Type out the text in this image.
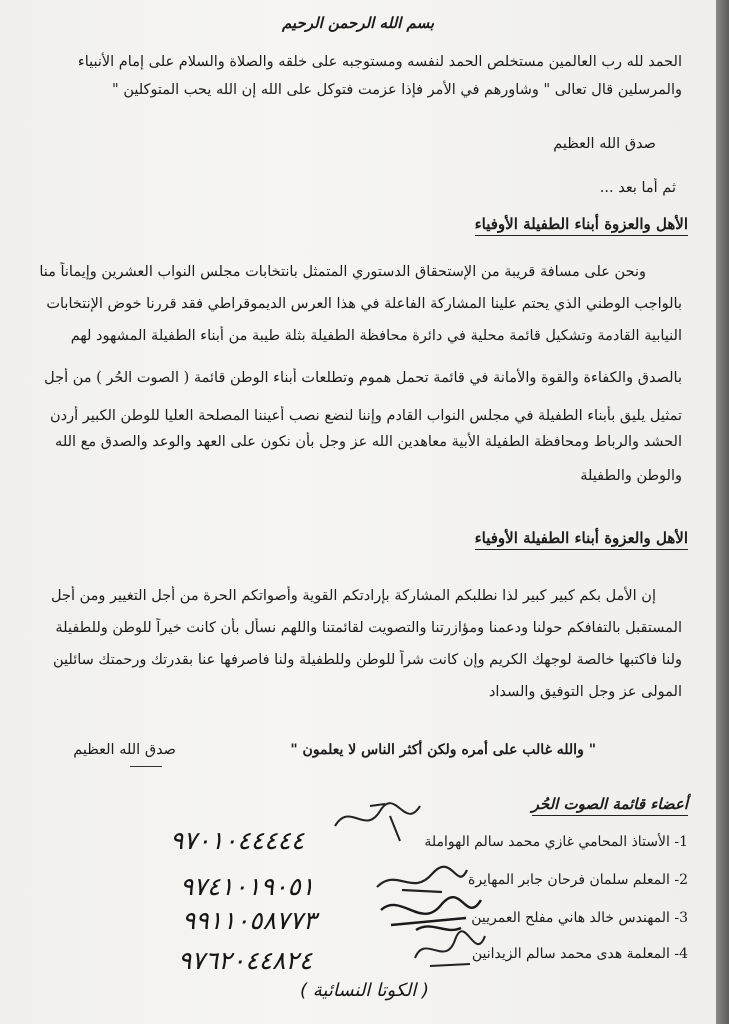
بسم الله الرحمن الرحيم
الحمد لله رب العالمين مستخلص الحمد لنفسه ومستوجبه على خلقه والصلاة والسلام على إمام الأنبياء
والمرسلين قال تعالى " وشاورهم في الأمر فإذا عزمت فتوكل على الله إن الله يحب المتوكلين "
صدق الله العظيم
ثم أما بعد ...
الأهل والعزوة أبناء الطفيلة الأوفياء
ونحن على مسافة قريبة من الإستحقاق الدستوري المتمثل بانتخابات مجلس النواب العشرين وإيماناً منا
بالواجب الوطني الذي يحتم علينا المشاركة الفاعلة في هذا العرس الديموقراطي فقد قررنا خوض الإنتخابات
النيابية القادمة وتشكيل قائمة محلية في دائرة محافظة الطفيلة بثلة طيبة من أبناء الطفيلة المشهود لهم
بالصدق والكفاءة والقوة والأمانة في قائمة تحمل هموم وتطلعات أبناء الوطن قائمة ( الصوت الحُر ) من أجل
تمثيل يليق بأبناء الطفيلة في مجلس النواب القادم وإننا لنضع نصب أعيننا المصلحة العليا للوطن الكبير أردن
الحشد والرباط ومحافظة الطفيلة الأبية معاهدين الله عز وجل بأن نكون على العهد والوعد والصدق مع الله
والوطن والطفيلة
الأهل والعزوة أبناء الطفيلة الأوفياء
إن الأمل بكم كبير كبير لذا نطلبكم المشاركة بإرادتكم القوية وأصواتكم الحرة من أجل التغيير ومن أجل
المستقبل بالتفافكم حولنا ودعمنا ومؤازرتنا والتصويت لقائمتنا واللهم نسأل بأن كانت خيراً للوطن وللطفيلة
ولنا فاكتبها خالصة لوجهك الكريم وإن كانت شراً للوطن وللطفيلة ولنا فاصرفها عنا بقدرتك ورحمتك سائلين
المولى عز وجل التوفيق والسداد
" والله غالب على أمره ولكن أكثر الناس لا يعلمون "
صدق الله العظيم
أعضاء قائمة الصوت الحُر
1- الأستاذ المحامي غازي محمد سالم الهواملة
٩٧٠١٠٤٤٤٤٤
2- المعلم سلمان فرحان جابر المهايرة
٩٧٤١٠١٩٠٥١
3- المهندس خالد هاني مفلح العمريين
٩٩١١٠٥٨٧٧٣
4- المعلمة هدى محمد سالم الزيدانين
٩٧٦٢٠٤٤٨٢٤
( الكوتا النسائية )
